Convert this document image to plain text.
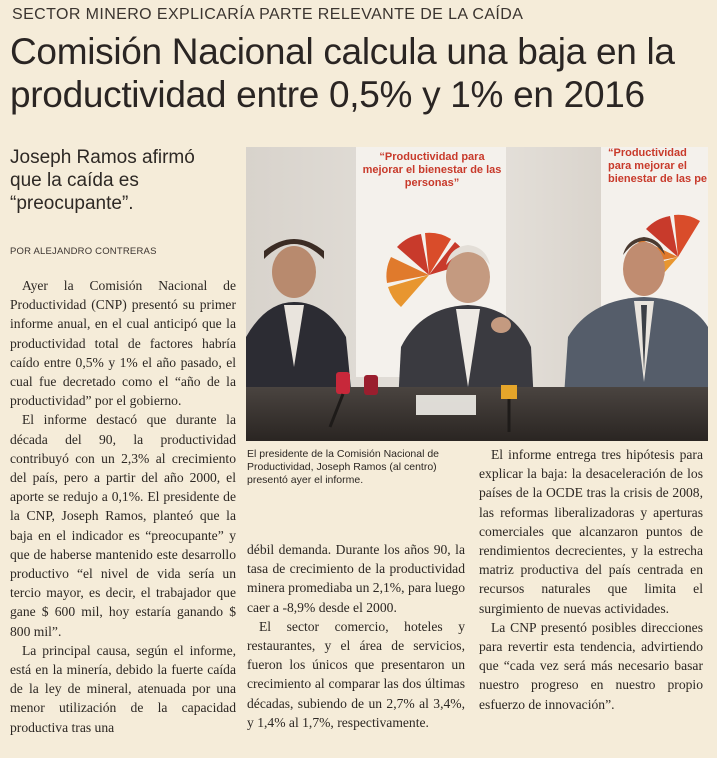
SECTOR MINERO EXPLICARÍA PARTE RELEVANTE DE LA CAÍDA
Comisión Nacional calcula una baja en la productividad entre 0,5% y 1% en 2016
Joseph Ramos afirmó que la caída es “preocupante”.
POR ALEJANDRO CONTRERAS

Ayer la Comisión Nacional de Productividad (CNP) presentó su primer informe anual, en el cual anticipó que la productividad total de factores habría caído entre 0,5% y 1% el año pasado, el cual fue decretado como el “año de la productividad” por el gobierno.

El informe destacó que durante la década del 90, la productividad contribuyó con un 2,3% al crecimiento del país, pero a partir del año 2000, el aporte se redujo a 0,1%. El presidente de la CNP, Joseph Ramos, planteó que la baja en el indicador es “preocupante” y que de haberse mantenido este desarrollo productivo “el nivel de vida sería un tercio mayor, es decir, el trabajador que gane $ 600 mil, hoy estaría ganando $ 800 mil”.

La principal causa, según el informe, está en la minería, debido la fuerte caída de la ley de mineral, atenuada por una menor utilización de la capacidad productiva tras una

“Productividad para mejorar el bienestar de las personas”
“Productividad para mejorar el bienestar de las pe
El presidente de la Comisión Nacional de Productividad, Joseph Ramos (al centro) presentó ayer el informe.

débil demanda. Durante los años 90, la tasa de crecimiento de la productividad minera promediaba un 2,1%, para luego caer a -8,9% desde el 2000.

El sector comercio, hoteles y restaurantes, y el área de servicios, fueron los únicos que presentaron un crecimiento al comparar las dos últimas décadas, subiendo de un 2,7% al 3,4%, y 1,4% al 1,7%, respectivamente.

El informe entrega tres hipótesis para explicar la baja: la desaceleración de los países de la OCDE tras la crisis de 2008, las reformas liberalizadoras y aperturas comerciales que alcanzaron puntos de rendimientos decrecientes, y la estrecha matriz productiva del país centrada en recursos naturales que limita el surgimiento de nuevas actividades.

La CNP presentó posibles direcciones para revertir esta tendencia, advirtiendo que “cada vez será más necesario basar nuestro progreso en nuestro propio esfuerzo de innovación”.
